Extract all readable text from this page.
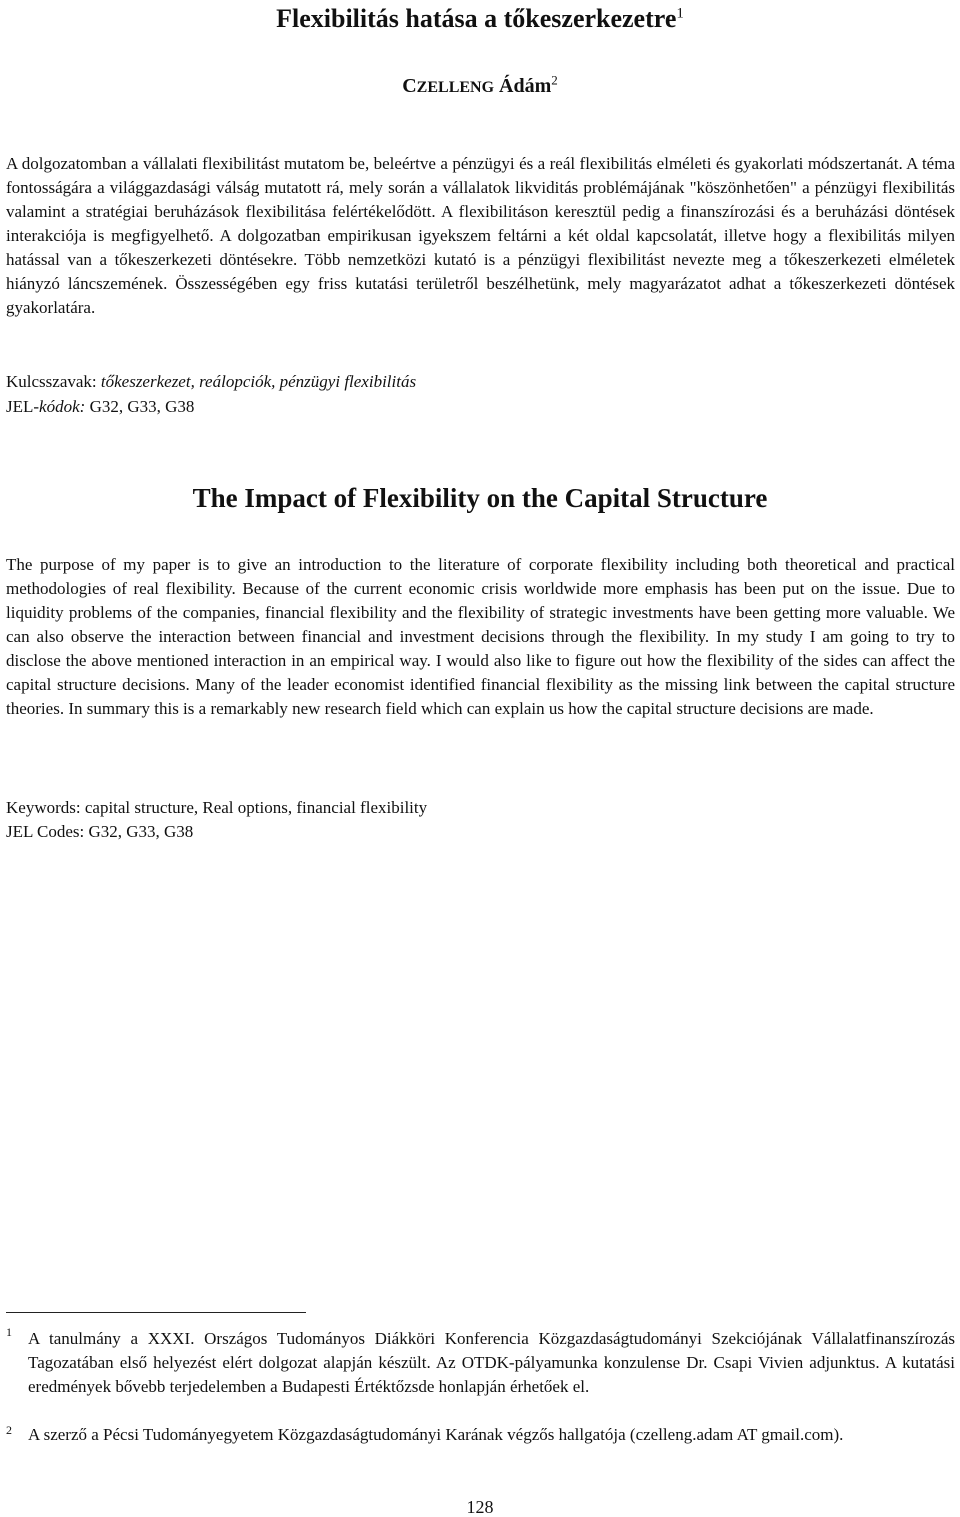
Flexibilitás hatása a tőkeszerkezetre$^1$
CZELLENG Ádám$^2$

A dolgozatomban a vállalati flexibilitást mutatom be, beleértve a pénzügyi és a reál flexibilitás elméleti és gyakorlati módszertanát. A téma fontosságára a világgazdasági válság mutatott rá, mely során a vállalatok likviditás problémájának "köszönhetően" a pénzügyi flexibilitás valamint a stratégiai beruházások flexibilitása felértékelődött. A flexibilitáson keresztül pedig a finanszírozási és a beruházási döntések interakciója is megfigyelhető. A dolgozatban empirikusan igyekszem feltárni a két oldal kapcsolatát, illetve hogy a flexibilitás milyen hatással van a tőkeszerkezeti döntésekre. Több nemzetközi kutató is a pénzügyi flexibilitást nevezte meg a tőkeszerkezeti elméletek hiányzó láncszemének. Összességében egy friss kutatási területről beszélhetünk, mely magyarázatot adhat a tőkeszerkezeti döntések gyakorlatára.

Kulcsszavak: tőkeszerkezet, reálopciók, pénzügyi flexibilitás
JEL-kódok: G32, G33, G38
The Impact of Flexibility on the Capital Structure

The purpose of my paper is to give an introduction to the literature of corporate flexibility including both theoretical and practical methodologies of real flexibility. Because of the current economic crisis worldwide more emphasis has been put on the issue. Due to liquidity problems of the companies, financial flexibility and the flexibility of strategic investments have been getting more valuable. We can also observe the interaction between financial and investment decisions through the flexibility. In my study I am going to try to disclose the above mentioned interaction in an empirical way. I would also like to figure out how the flexibility of the sides can affect the capital structure decisions. Many of the leader economist identified financial flexibility as the missing link between the capital structure theories. In summary this is a remarkably new research field which can explain us how the capital structure decisions are made.

Keywords: capital structure, Real options, financial flexibility
JEL Codes: G32, G33, G38
1 A tanulmány a XXXI. Országos Tudományos Diákköri Konferencia Közgazdaságtudományi Szekciójának Vállalatfinanszírozás Tagozatában első helyezést elért dolgozat alapján készült. Az OTDK-pályamunka konzulense Dr. Csapi Vivien adjunktus. A kutatási eredmények bővebb terjedelemben a Budapesti Értéktőzsde honlapján érhetőek el.

2 A szerző a Pécsi Tudományegyetem Közgazdaságtudományi Karának végzős hallgatója (czelleng.adam AT gmail.com).

128
